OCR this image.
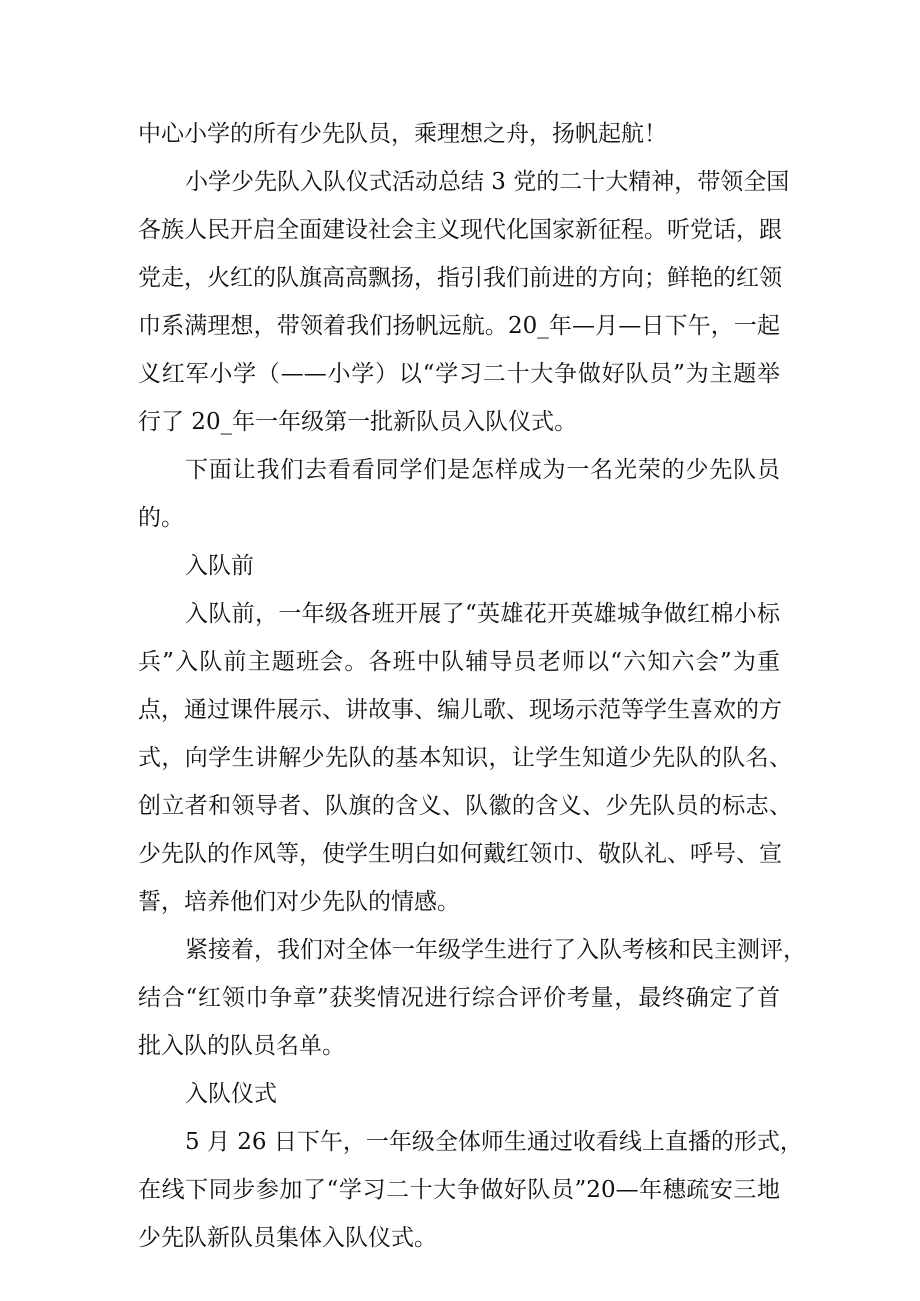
中心小学的所有少先队员，乘理想之舟，扬帆起航！
小学少先队入队仪式活动总结 3 党的二十大精神，带领全国
各族人民开启全面建设社会主义现代化国家新征程。听党话，跟
党走，火红的队旗高高飘扬，指引我们前进的方向；鲜艳的红领
巾系满理想，带领着我们扬帆远航。20_年—月—日下午，一起
义红军小学（——小学）以“学习二十大争做好队员”为主题举
行了 20_年一年级第一批新队员入队仪式。
下面让我们去看看同学们是怎样成为一名光荣的少先队员
的。
入队前
入队前，一年级各班开展了“英雄花开英雄城争做红棉小标
兵”入队前主题班会。各班中队辅导员老师以“六知六会”为重
点，通过课件展示、讲故事、编儿歌、现场示范等学生喜欢的方
式，向学生讲解少先队的基本知识，让学生知道少先队的队名、
创立者和领导者、队旗的含义、队徽的含义、少先队员的标志、
少先队的作风等，使学生明白如何戴红领巾、敬队礼、呼号、宣
誓，培养他们对少先队的情感。
紧接着，我们对全体一年级学生进行了入队考核和民主测评，
结合“红领巾争章”获奖情况进行综合评价考量，最终确定了首
批入队的队员名单。
入队仪式
5 月 26 日下午，一年级全体师生通过收看线上直播的形式，
在线下同步参加了“学习二十大争做好队员”20—年穗疏安三地
少先队新队员集体入队仪式。
